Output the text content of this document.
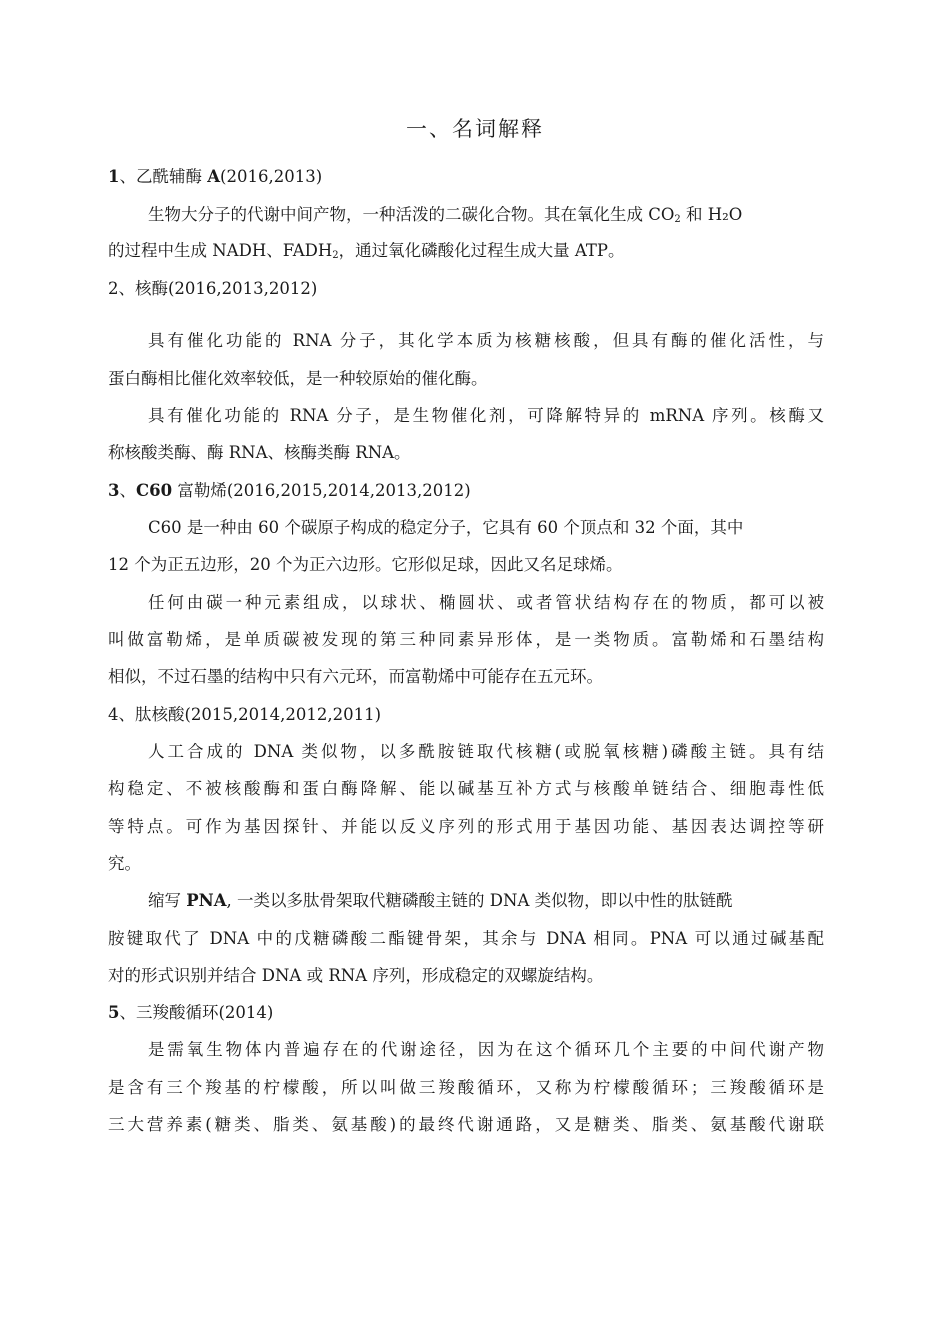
一、名词解释
1、乙酰辅酶 A(2016,2013)
生物大分子的代谢中间产物，一种活泼的二碳化合物。其在氧化生成 $CO_2$ 和 H₂O
的过程中生成 NADH、$FADH_2$，通过氧化磷酸化过程生成大量 ATP。
2、核酶(2016,2013,2012)
具有催化功能的 RNA 分子，其化学本质为核糖核酸，但具有酶的催化活性，与
蛋白酶相比催化效率较低，是一种较原始的催化酶。
具有催化功能的 RNA 分子，是生物催化剂，可降解特异的 mRNA 序列。核酶又
称核酸类酶、酶 RNA、核酶类酶 RNA。
3、C60 富勒烯(2016,2015,2014,2013,2012)
C60 是一种由 60 个碳原子构成的稳定分子，它具有 60 个顶点和 32 个面，其中
12 个为正五边形，20 个为正六边形。它形似足球，因此又名足球烯。
任何由碳一种元素组成，以球状、椭圆状、或者管状结构存在的物质，都可以被
叫做富勒烯，是单质碳被发现的第三种同素异形体，是一类物质。富勒烯和石墨结构
相似，不过石墨的结构中只有六元环，而富勒烯中可能存在五元环。
4、肽核酸(2015,2014,2012,2011)
人工合成的 DNA 类似物，以多酰胺链取代核糖(或脱氧核糖)磷酸主链。具有结
构稳定、不被核酸酶和蛋白酶降解、能以碱基互补方式与核酸单链结合、细胞毒性低
等特点。可作为基因探针、并能以反义序列的形式用于基因功能、基因表达调控等研
究。
缩写 PNA, 一类以多肽骨架取代糖磷酸主链的 DNA 类似物，即以中性的肽链酰
胺键取代了 DNA 中的戊糖磷酸二酯键骨架，其余与 DNA 相同。PNA 可以通过碱基配
对的形式识别并结合 DNA 或 RNA 序列，形成稳定的双螺旋结构。
5、三羧酸循环(2014)
是需氧生物体内普遍存在的代谢途径，因为在这个循环几个主要的中间代谢产物
是含有三个羧基的柠檬酸，所以叫做三羧酸循环，又称为柠檬酸循环；三羧酸循环是
三大营养素(糖类、脂类、氨基酸)的最终代谢通路，又是糖类、脂类、氨基酸代谢联
